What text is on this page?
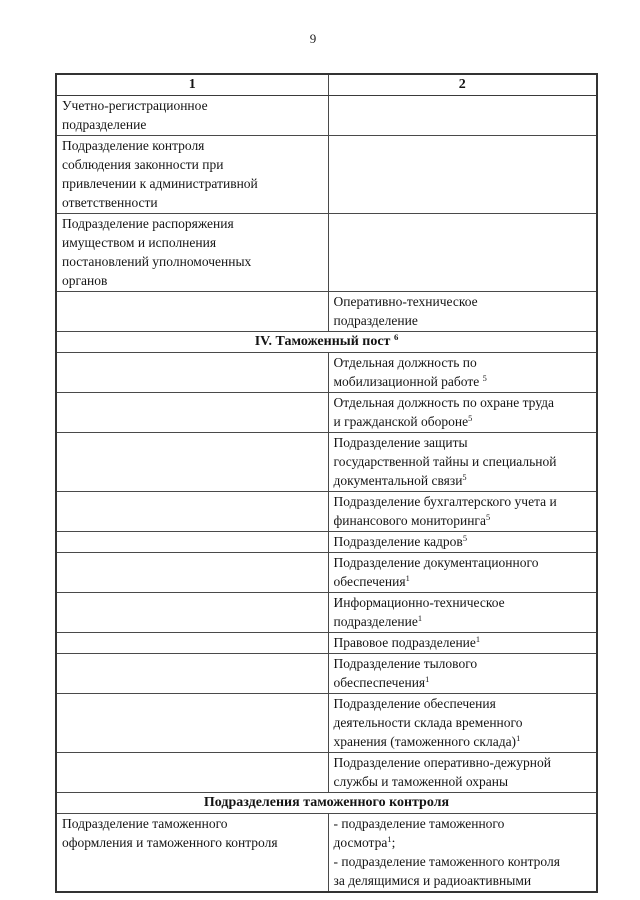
9
1	2
Учетно-регистрационное
подразделение	
Подразделение контроля
соблюдения законности при
привлечении к административной
ответственности	
Подразделение распоряжения
имуществом и исполнения
постановлений уполномоченных
органов	
	Оперативно-техническое
подразделение
IV. Таможенный пост $^6$
	Отдельная должность по
мобилизационной работе $^5$
	Отдельная должность по охране труда
и гражданской обороне$^5$
	Подразделение защиты
государственной тайны и специальной
документальной связи$^5$
	Подразделение бухгалтерского учета и
финансового мониторинга$^5$
	Подразделение кадров$^5$
	Подразделение документационного
обеспечения$^1$
	Информационно-техническое
подразделение$^1$
	Правовое подразделение$^1$
	Подразделение тылового
обеспеспечения$^1$
	Подразделение обеспечения
деятельности склада временного
хранения (таможенного склада)$^1$
	Подразделение оперативно-дежурной
службы и таможенной охраны
Подразделения таможенного контроля	
Подразделение таможенного
оформления и таможенного контроля	- подразделение таможенного
досмотра$^1$;
- подразделение таможенного контроля
за делящимися и радиоактивными
